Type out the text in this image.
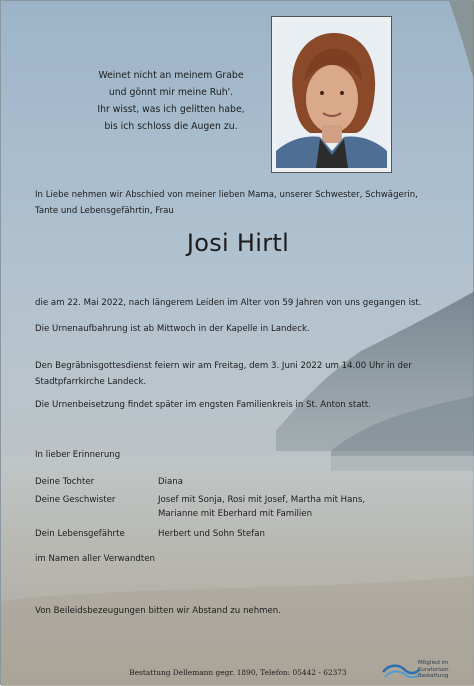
Weinet nicht an meinem Grabe
und gönnt mir meine Ruh'.
Ihr wisst, was ich gelitten habe,
bis ich schloss die Augen zu.
In Liebe nehmen wir Abschied von meiner lieben Mama, unserer Schwester, Schwägerin,
Tante und Lebensgefährtin, Frau
Josi Hirtl
die am 22. Mai 2022, nach längerem Leiden im Alter von 59 Jahren von uns gegangen ist.
Die Urnenaufbahrung ist ab Mittwoch in der Kapelle in Landeck.
Den Begräbnisgottesdienst feiern wir am Freitag, dem 3. Juni 2022 um 14.00 Uhr in der
Stadtpfarrkirche Landeck.
Die Urnenbeisetzung findet später im engsten Familienkreis in St. Anton statt.
In lieber Erinnerung
Deine Tochter	Diana
Deine Geschwister	Josef mit Sonja, Rosi mit Josef, Martha mit Hans,
Marianne mit Eberhard mit Familien
Dein Lebensgefährte	Herbert und Sohn Stefan
im Namen aller Verwandten
Von Beileidsbezeugungen bitten wir Abstand zu nehmen.
Bestattung Dellemann gegr. 1890, Telefon: 05442 - 62373
Mitglied im
Kuratorium Bestattung
